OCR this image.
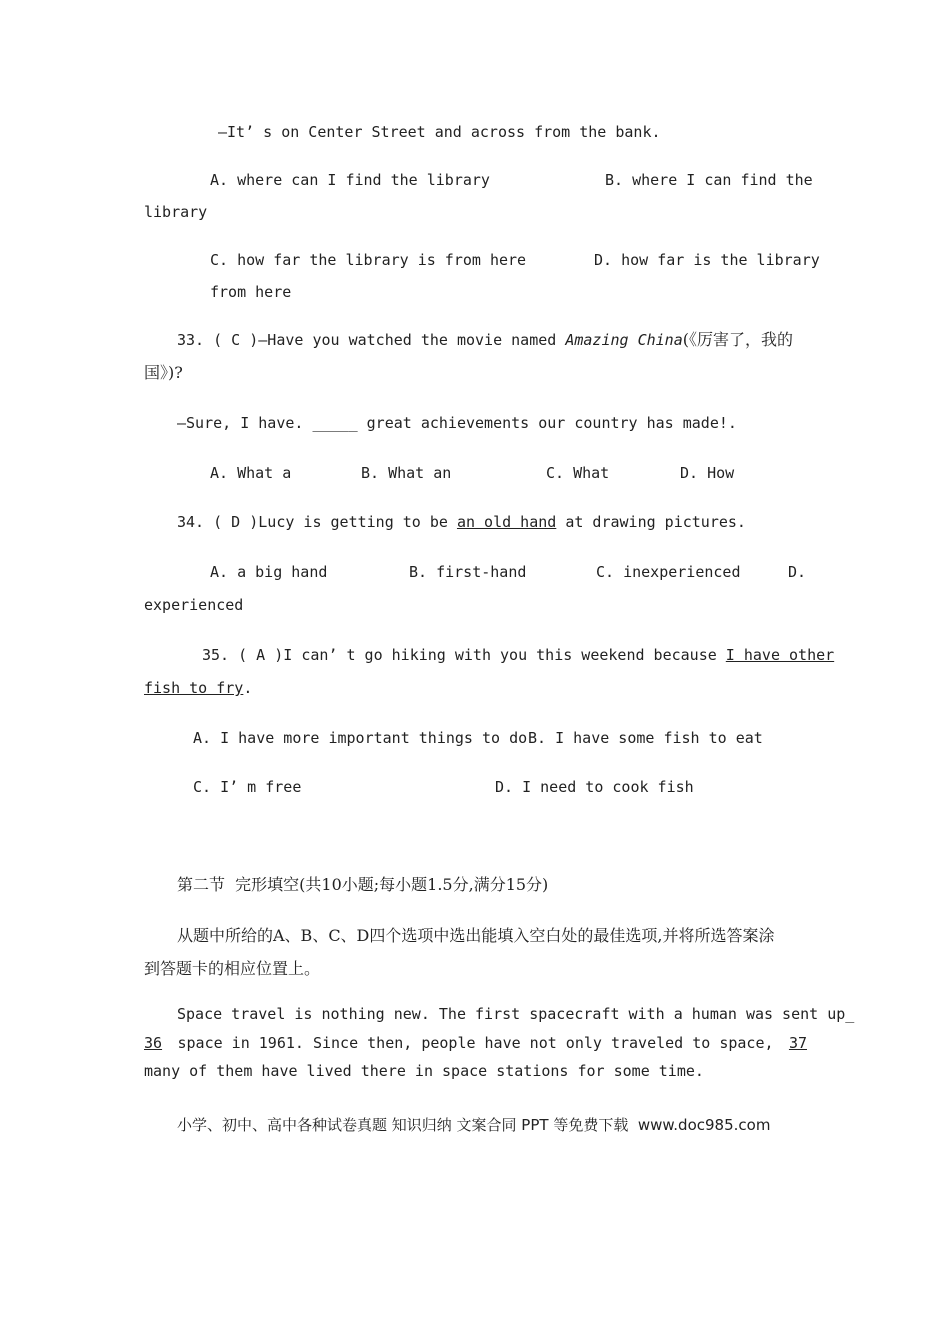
—It’ s on Center Street and across from the bank.
A. where can I find the library	B. where I can find the
library
C. how far the library is from here	D. how far is the library
from here
33. ( C )—Have you watched the movie named Amazing China(《厉害了，我的
国》)?
—Sure, I have. _____ great achievements our country has made!.
A. What a	B. What an	C. What	D. How
34. ( D )Lucy is getting to be an old hand at drawing pictures.
A. a big hand	B. first-hand	C. inexperienced	D.
experienced
35. ( A )I can’ t go hiking with you this weekend because I have other
fish to fry.
A. I have more important things to do B. I have some fish to eat
C. I’ m free	D. I need to cook fish
第二节  完形填空(共10小题;每小题1.5分,满分15分)
从题中所给的A、B、C、D四个选项中选出能填入空白处的最佳选项,并将所选答案涂
到答题卡的相应位置上。
Space travel is nothing new. The first spacecraft with a human was sent up_
36 space in 1961. Since then, people have not only traveled to space, 37
many of them have lived there in space stations for some time.
小学、初中、高中各种试卷真题 知识归纳 文案合同 PPT 等免费下载  www.doc985.com
